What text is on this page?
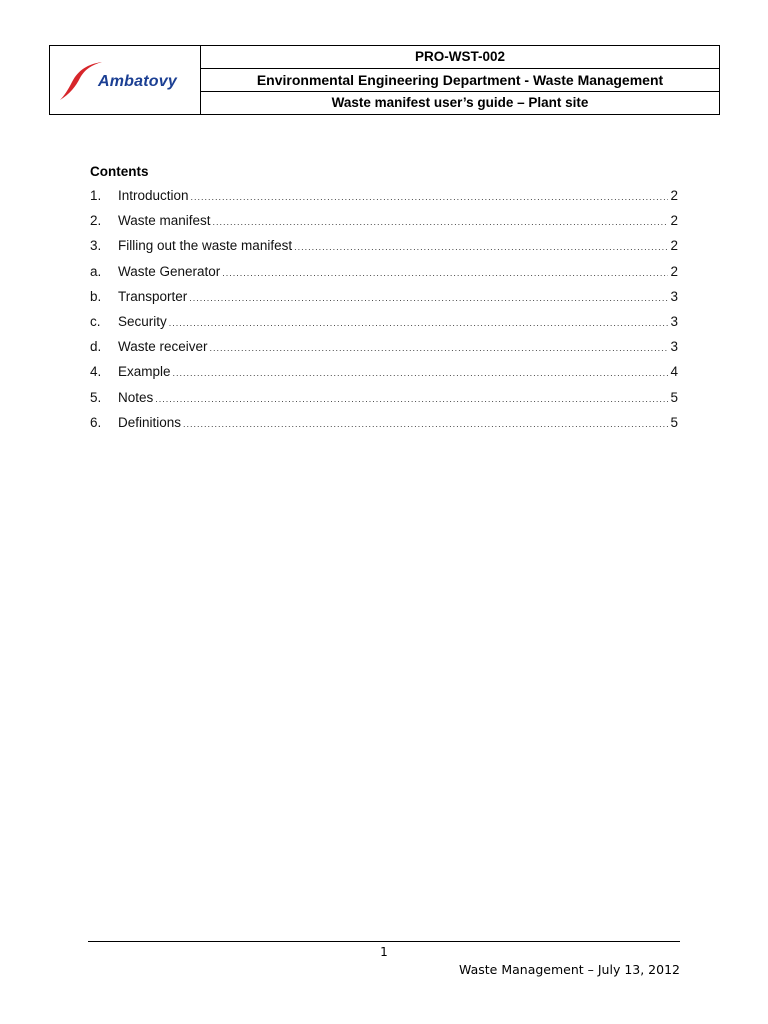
Ambatovy
	PRO-WST-002
Environmental Engineering Department - Waste Management
Waste manifest user’s guide – Plant site
Contents
1.	Introduction .....	2
2.	Waste manifest .....	2
3.	Filling out the waste manifest .....	2
a.	Waste Generator .....	2
b.	Transporter .....	3
c.	Security .....	3
d.	Waste receiver .....	3
4.	Example .....	4
5.	Notes .....	5
6.	Definitions .....	5
1
Waste Management – July 13, 2012
